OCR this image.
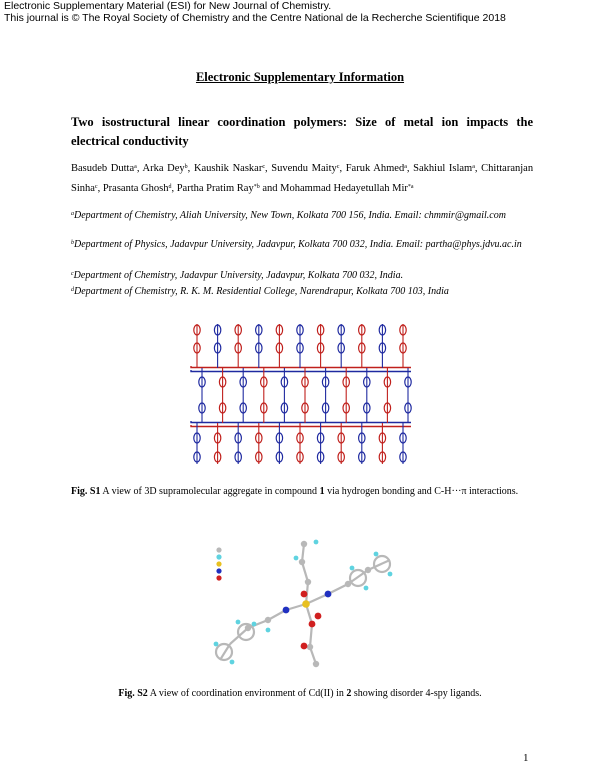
Electronic Supplementary Material (ESI) for New Journal of Chemistry.
This journal is © The Royal Society of Chemistry and the Centre National de la Recherche Scientifique 2018
Electronic Supplementary Information
Two isostructural linear coordination polymers: Size of metal ion impacts the electrical conductivity
Basudeb Dutta$^a$, Arka Dey$^b$, Kaushik Naskar$^c$, Suvendu Maity$^c$, Faruk Ahmed$^a$, Sakhiul Islam$^a$, Chittaranjan Sinha$^c$, Prasanta Ghosh$^d$, Partha Pratim Ray$^{*b}$ and Mohammad Hedayetullah Mir$^{*a}$
$^a$Department of Chemistry, Aliah University, New Town, Kolkata 700 156, India. Email: chmmir@gmail.com
$^b$Department of Physics, Jadavpur University, Jadavpur, Kolkata 700 032, India. Email: partha@phys.jdvu.ac.in
$^c$Department of Chemistry, Jadavpur University, Jadavpur, Kolkata 700 032, India.
$^d$Department of Chemistry, R. K. M. Residential College, Narendrapur, Kolkata 700 103, India
Fig. S1 A view of 3D supramolecular aggregate in compound 1 via hydrogen bonding and C-H···π interactions.
Fig. S2 A view of coordination environment of Cd(II) in 2 showing disorder 4-spy ligands.
1
